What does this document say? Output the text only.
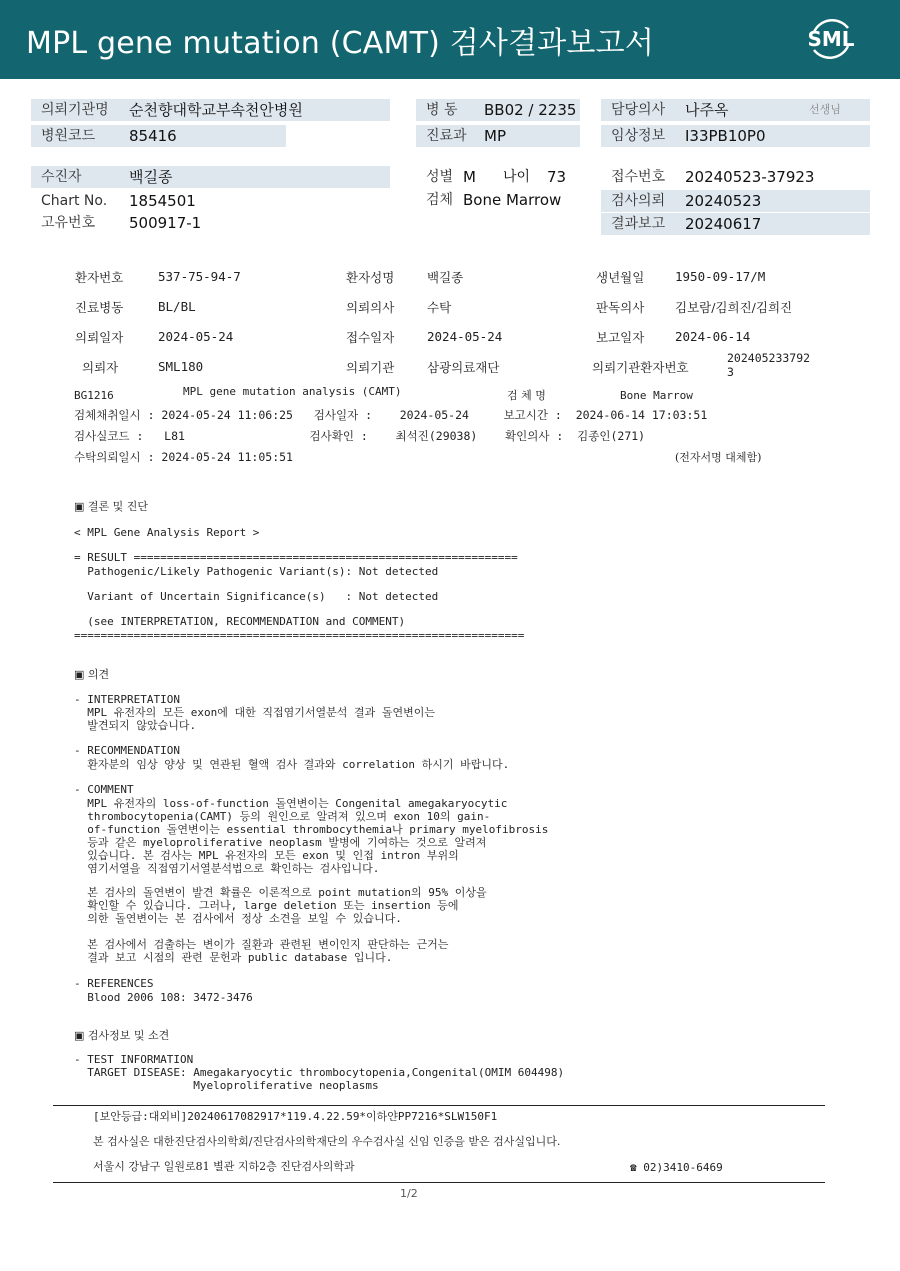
MPL gene mutation (CAMT) 검사결과보고서	SML
의뢰기관명 순천향대학교부속천안병원
병원코드 85416
병 동 BB02 / 2235
진료과 MP
담당의사 나주옥	선생님
임상정보 I33PB10P0
수진자	백길종
Chart No. 1854501
고유번호 500917-1
성별 M 나이 73
검체 Bone Marrow
접수번호 20240523-37923
검사의뢰 20240523
결과보고 20240617
환자번호	537-75-94-7	환자성명	백길종	생년월일 1950-09-17/M
진료병동	BL/BL	의뢰의사	수탁	판독의사 김보람/김희진/김희진
의뢰일자	2024-05-24	접수일자	2024-05-24	보고일자 2024-06-14
의뢰자	SML180	의뢰기관	삼광의료재단	의뢰기관환자번호
202405233792
3
BG1216	MPL gene mutation analysis (CAMT)	검 체 명	Bone Marrow
검체채취일시 : 2024-05-24 11:06:25   검사일자 :    2024-05-24     보고시간 :  2024-06-14 17:03:51
검사실코드 :   L81                  검사확인 :    최석진(29038)    확인의사 :  김종인(271)
수탁의뢰일시 : 2024-05-24 11:05:51	(전자서명 대체함)
▣ 결론 및 진단
< MPL Gene Analysis Report >
= RESULT ==========================================================
Pathogenic/Likely Pathogenic Variant(s): Not detected
Variant of Uncertain Significance(s)   : Not detected
(see INTERPRETATION, RECOMMENDATION and COMMENT)
====================================================================
▣ 의견
- INTERPRETATION
MPL 유전자의 모든 exon에 대한 직접염기서열분석 결과 돌연변이는
발견되지 않았습니다.
- RECOMMENDATION
환자분의 임상 양상 및 연관된 혈액 검사 결과와 correlation 하시기 바랍니다.
- COMMENT
MPL 유전자의 loss-of-function 돌연변이는 Congenital amegakaryocytic
thrombocytopenia(CAMT) 등의 원인으로 알려져 있으며 exon 10의 gain-
of-function 돌연변이는 essential thrombocythemia나 primary myelofibrosis
등과 같은 myeloproliferative neoplasm 발병에 기여하는 것으로 알려져
있습니다. 본 검사는 MPL 유전자의 모든 exon 및 인접 intron 부위의
염기서열을 직접염기서열분석법으로 확인하는 검사입니다.
본 검사의 돌연변이 발견 확률은 이론적으로 point mutation의 95% 이상을
확인할 수 있습니다. 그러나, large deletion 또는 insertion 등에
의한 돌연변이는 본 검사에서 정상 소견을 보일 수 있습니다.
본 검사에서 검출하는 변이가 질환과 관련된 변이인지 판단하는 근거는
결과 보고 시점의 관련 문헌과 public database 입니다.
- REFERENCES
Blood 2006 108: 3472-3476
▣ 검사정보 및 소견
- TEST INFORMATION
TARGET DISEASE: Amegakaryocytic thrombocytopenia,Congenital(OMIM 604498)
Myeloproliferative neoplasms
[보안등급:대외비]20240617082917*119.4.22.59*이하얀PP7216*SLW150F1
본 검사실은 대한진단검사의학회/진단검사의학재단의 우수검사실 신임 인증을 받은 검사실입니다.
서울시 강남구 일원로81 별관 지하2층 진단검사의학과	☎ 02)3410-6469
1/2
